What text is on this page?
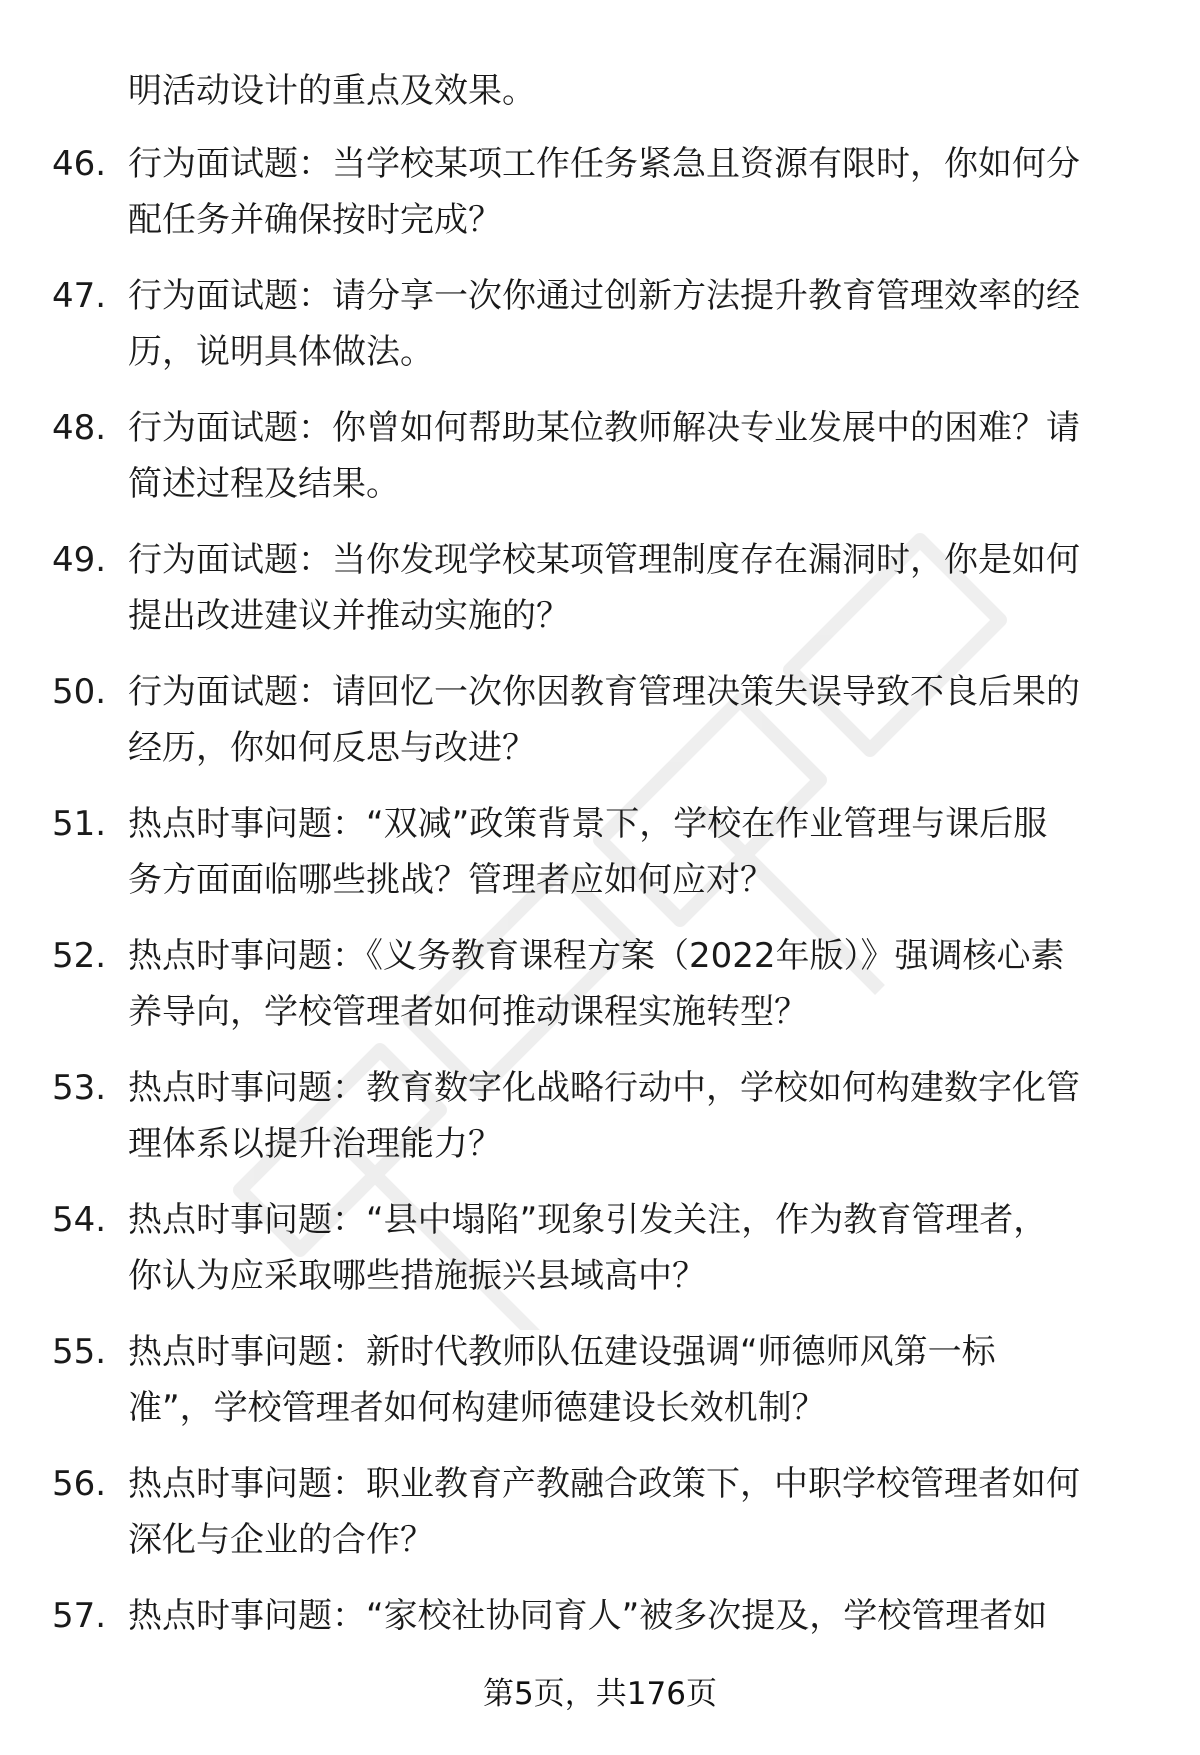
明活动设计的重点及效果。
46. 行为面试题：当学校某项工作任务紧急且资源有限时，你如何分
配任务并确保按时完成？
47. 行为面试题：请分享一次你通过创新方法提升教育管理效率的经
历，说明具体做法。
48. 行为面试题：你曾如何帮助某位教师解决专业发展中的困难？请
简述过程及结果。
49. 行为面试题：当你发现学校某项管理制度存在漏洞时，你是如何
提出改进建议并推动实施的？
50. 行为面试题：请回忆一次你因教育管理决策失误导致不良后果的
经历，你如何反思与改进？
51. 热点时事问题：“双减”政策背景下，学校在作业管理与课后服
务方面面临哪些挑战？管理者应如何应对？
52. 热点时事问题：《义务教育课程方案（2022年版）》强调核心素
养导向，学校管理者如何推动课程实施转型？
53. 热点时事问题：教育数字化战略行动中，学校如何构建数字化管
理体系以提升治理能力？
54. 热点时事问题：“县中塌陷”现象引发关注，作为教育管理者，
你认为应采取哪些措施振兴县域高中？
55. 热点时事问题：新时代教师队伍建设强调“师德师风第一标
准”，学校管理者如何构建师德建设长效机制？
56. 热点时事问题：职业教育产教融合政策下，中职学校管理者如何
深化与企业的合作？
57. 热点时事问题：“家校社协同育人”被多次提及，学校管理者如
第5页，共176页
